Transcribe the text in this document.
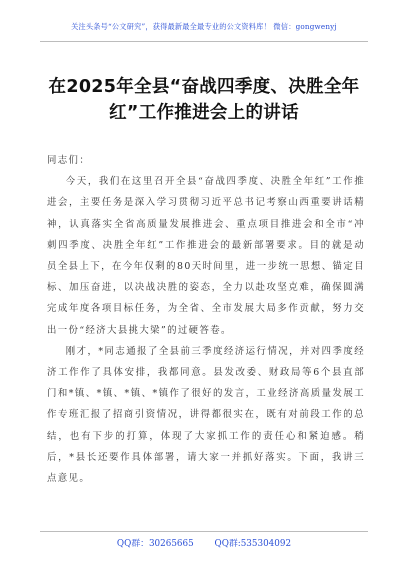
关注头条号“公文研究”，获得最新最全最专业的公文资料库！ 微信：gongwenyj
在2025年全县“奋战四季度、决胜全年红”工作推进会上的讲话

同志们：

今天，我们在这里召开全县“奋战四季度、决胜全年红”工作推进会，主要任务是深入学习贯彻习近平总书记考察山西重要讲话精神，认真落实全省高质量发展推进会、重点项目推进会和全市“冲刺四季度、决胜全年红”工作推进会的最新部署要求。目的就是动员全县上下，在今年仅剩的80天时间里，进一步统一思想、锚定目标、加压奋进，以决战决胜的姿态，全力以赴攻坚克难，确保圆满完成年度各项目标任务，为全省、全市发展大局多作贡献，努力交出一份“经济大县挑大梁”的过硬答卷。

刚才，*同志通报了全县前三季度经济运行情况，并对四季度经济工作作了具体安排，我都同意。县发改委、财政局等6个县直部门和*镇、*镇、*镇、*镇作了很好的发言，工业经济高质量发展工作专班汇报了招商引资情况，讲得都很实在，既有对前段工作的总结，也有下步的打算，体现了大家抓工作的责任心和紧迫感。稍后，*县长还要作具体部署，请大家一并抓好落实。下面，我讲三点意见。

QQ群：30265665 QQ群:535304092
